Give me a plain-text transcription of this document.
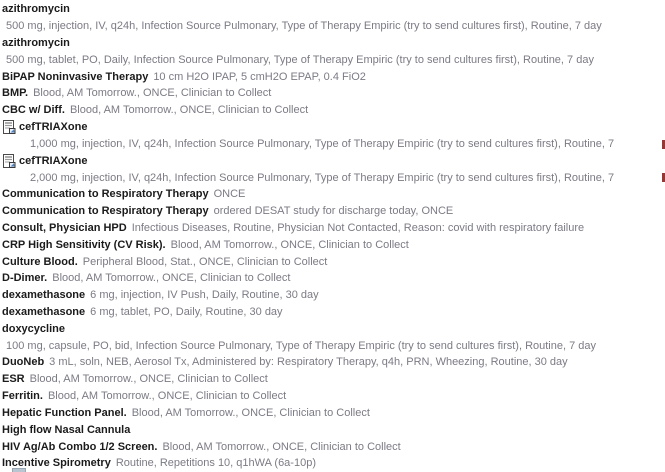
azithromycin
500 mg, injection, IV, q24h, Infection Source Pulmonary, Type of Therapy Empiric (try to send cultures first), Routine, 7 day
azithromycin
500 mg, tablet, PO, Daily, Infection Source Pulmonary, Type of Therapy Empiric (try to send cultures first), Routine, 7 day
BiPAP Noninvasive Therapy 10 cm H2O IPAP, 5 cmH2O EPAP, 0.4 FiO2
BMP. Blood, AM Tomorrow., ONCE, Clinician to Collect
CBC w/ Diff. Blood, AM Tomorrow., ONCE, Clinician to Collect
cefTRIAXone
1,000 mg, injection, IV, q24h, Infection Source Pulmonary, Type of Therapy Empiric (try to send cultures first), Routine, 7
cefTRIAXone
2,000 mg, injection, IV, q24h, Infection Source Pulmonary, Type of Therapy Empiric (try to send cultures first), Routine, 7
Communication to Respiratory Therapy ONCE
Communication to Respiratory Therapy ordered DESAT study for discharge today, ONCE
Consult, Physician HPD Infectious Diseases, Routine, Physician Not Contacted, Reason: covid with respiratory failure
CRP High Sensitivity (CV Risk). Blood, AM Tomorrow., ONCE, Clinician to Collect
Culture Blood. Peripheral Blood, Stat., ONCE, Clinician to Collect
D-Dimer. Blood, AM Tomorrow., ONCE, Clinician to Collect
dexamethasone 6 mg, injection, IV Push, Daily, Routine, 30 day
dexamethasone 6 mg, tablet, PO, Daily, Routine, 30 day
doxycycline
100 mg, capsule, PO, bid, Infection Source Pulmonary, Type of Therapy Empiric (try to send cultures first), Routine, 7 day
DuoNeb 3 mL, soln, NEB, Aerosol Tx, Administered by: Respiratory Therapy, q4h, PRN, Wheezing, Routine, 30 day
ESR Blood, AM Tomorrow., ONCE, Clinician to Collect
Ferritin. Blood, AM Tomorrow., ONCE, Clinician to Collect
Hepatic Function Panel. Blood, AM Tomorrow., ONCE, Clinician to Collect
High flow Nasal Cannula
HIV Ag/Ab Combo 1/2 Screen. Blood, AM Tomorrow., ONCE, Clinician to Collect
Incentive Spirometry Routine, Repetitions 10, q1hWA (6a-10p)
